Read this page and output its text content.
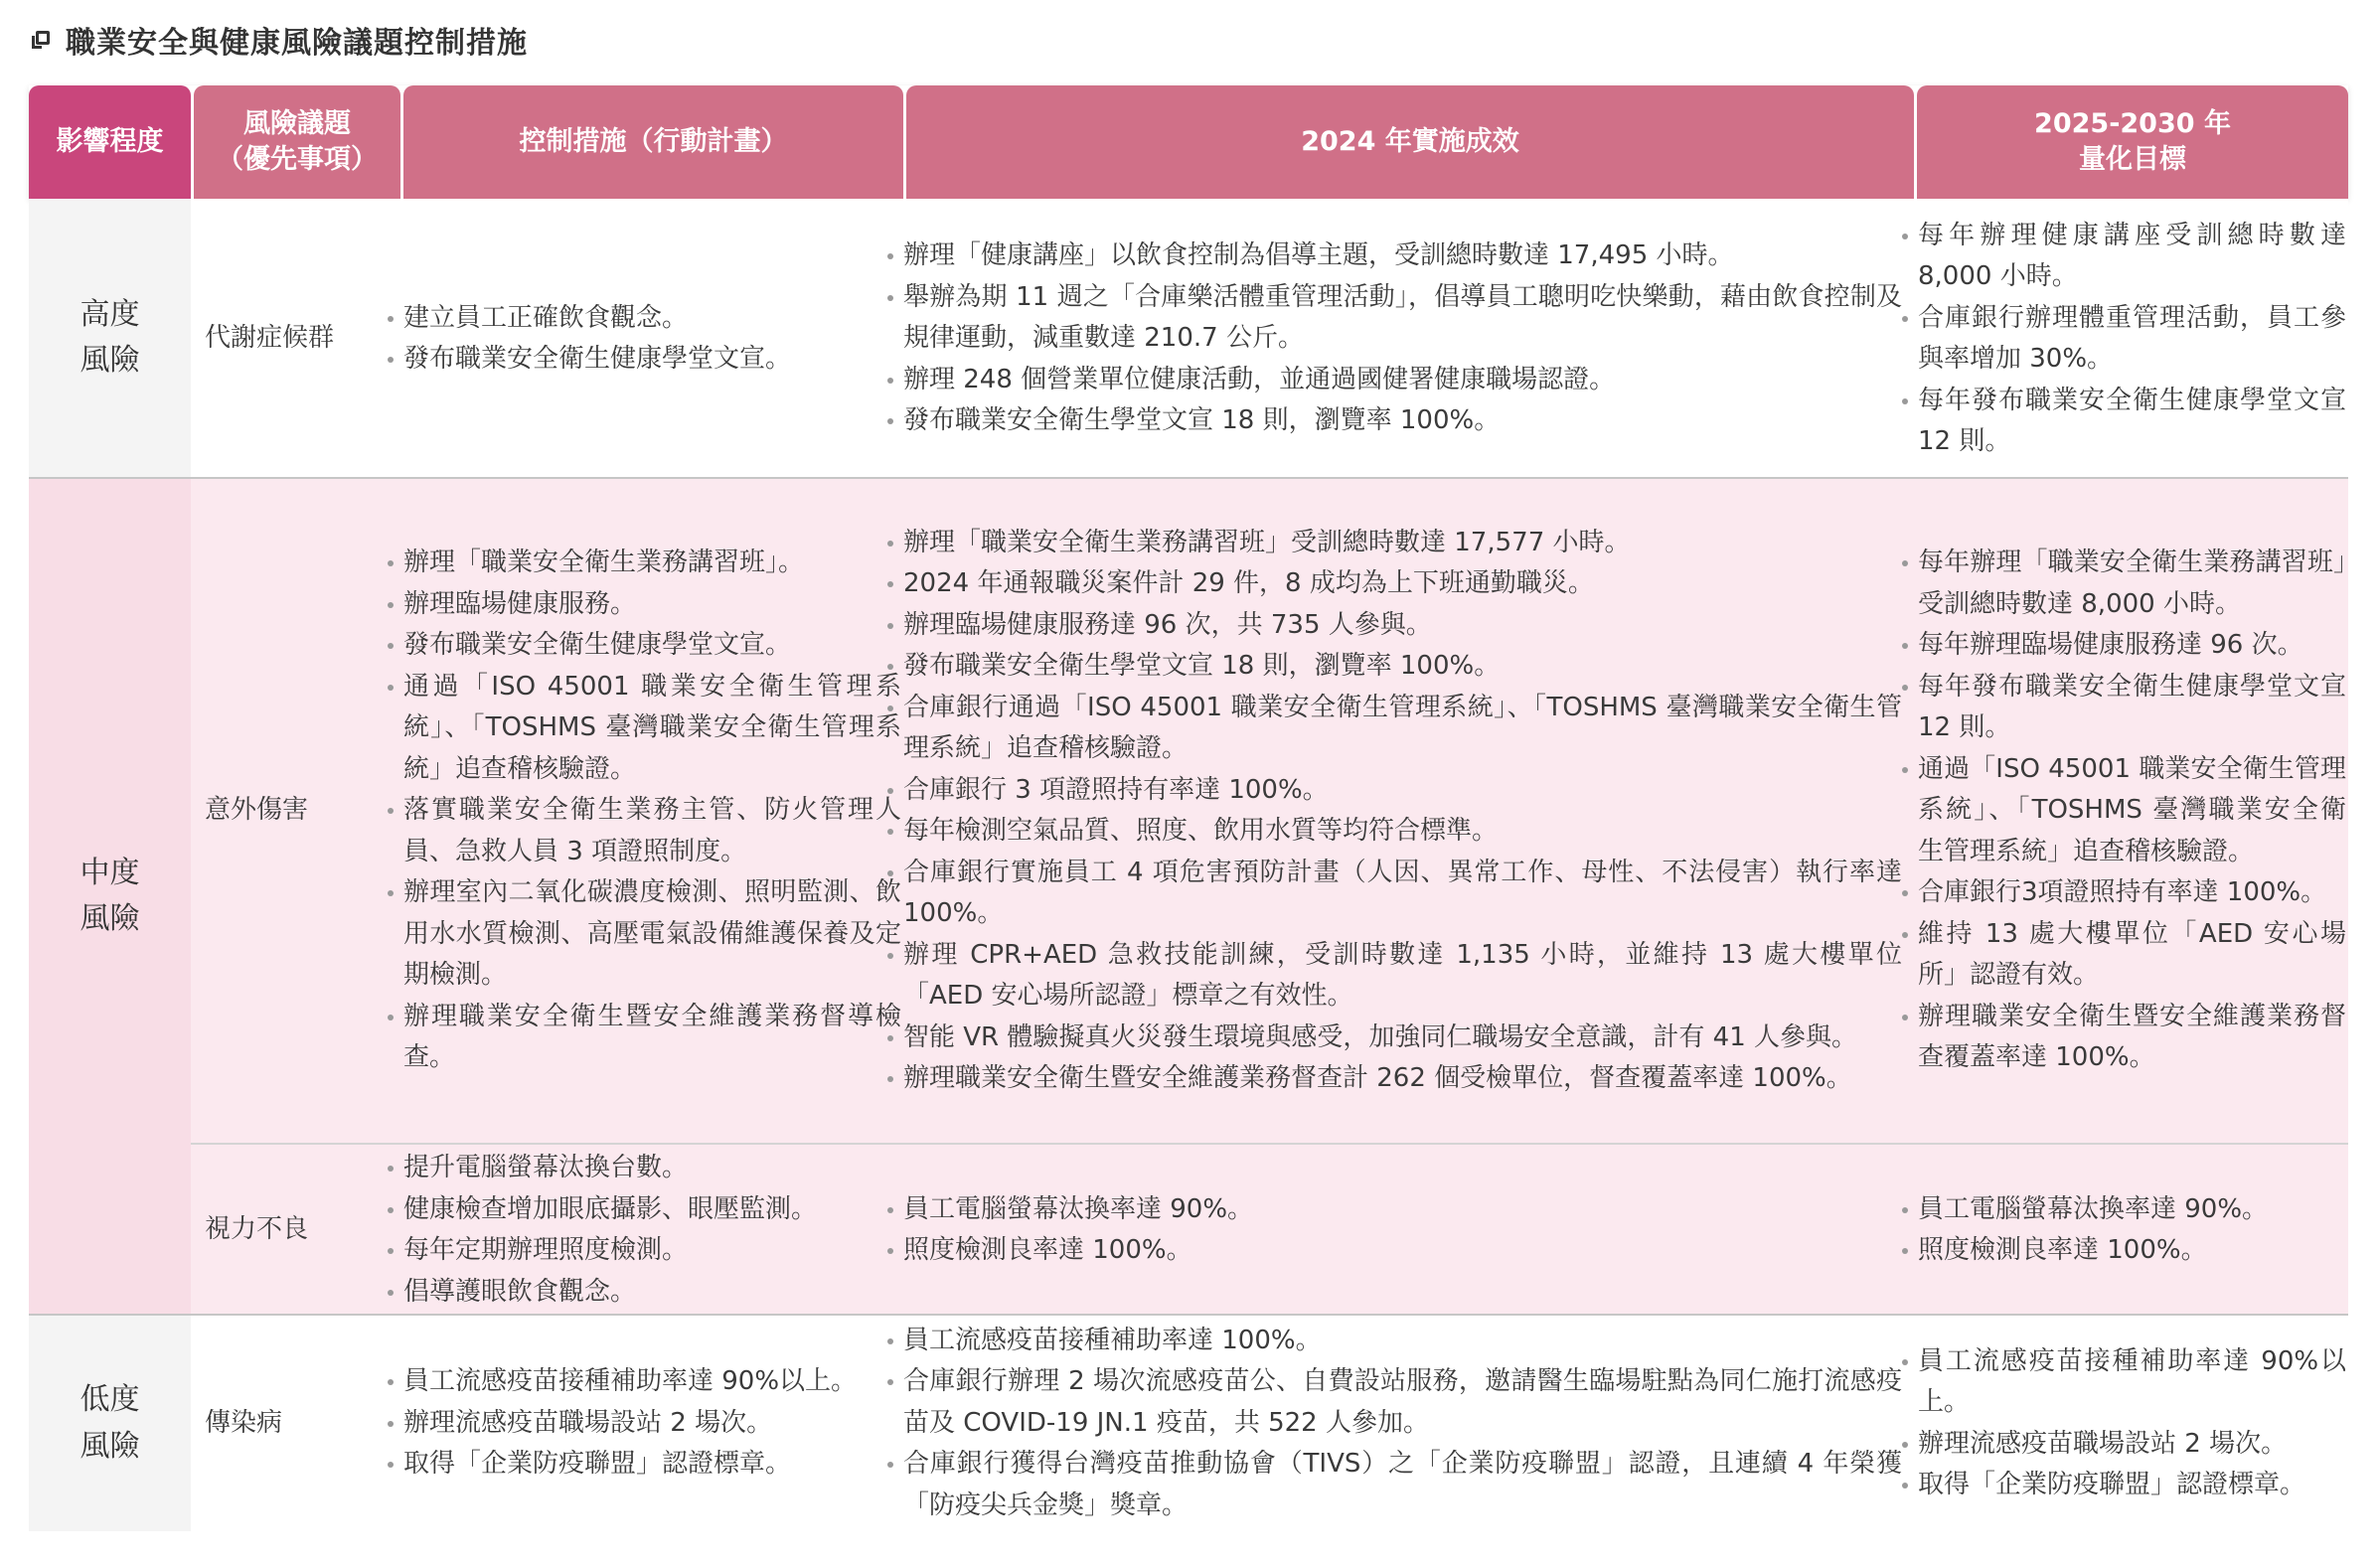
職業安全與健康風險議題控制措施
影響程度
風險議題
（優先事項）
控制措施（行動計畫）	2024 年實施成效
2025-2030 年
量化目標
高度
風險
代謝症候群
建立員工正確飲食觀念。
發布職業安全衛生健康學堂文宣。
辦理「健康講座」以飲食控制為倡導主題，受訓總時數達 17,495 小時。
舉辦為期 11 週之「合庫樂活體重管理活動」，倡導員工聰明吃快樂動，藉由飲食控制及規律運動，減重數達 210.7 公斤。
辦理 248 個營業單位健康活動，並通過國健署健康職場認證。
發布職業安全衛生學堂文宣 18 則，瀏覽率 100%。
每年辦理健康講座受訓總時數達 8,000 小時。
合庫銀行辦理體重管理活動，員工參與率增加 30%。
每年發布職業安全衛生健康學堂文宣 12 則。
中度
風險
意外傷害
辦理「職業安全衛生業務講習班」。
辦理臨場健康服務。
發布職業安全衛生健康學堂文宣。
通過「ISO 45001 職業安全衛生管理系統」、「TOSHMS 臺灣職業安全衛生管理系統」追查稽核驗證。
落實職業安全衛生業務主管、防火管理人員、急救人員 3 項證照制度。
辦理室內二氧化碳濃度檢測、照明監測、飲用水水質檢測、高壓電氣設備維護保養及定期檢測。
辦理職業安全衛生暨安全維護業務督導檢查。
辦理「職業安全衛生業務講習班」受訓總時數達 17,577 小時。
2024 年通報職災案件計 29 件，8 成均為上下班通勤職災。
辦理臨場健康服務達 96 次，共 735 人參與。
發布職業安全衛生學堂文宣 18 則，瀏覽率 100%。
合庫銀行通過「ISO 45001 職業安全衛生管理系統」、「TOSHMS 臺灣職業安全衛生管理系統」追查稽核驗證。
合庫銀行 3 項證照持有率達 100%。
每年檢測空氣品質、照度、飲用水質等均符合標準。
合庫銀行實施員工 4 項危害預防計畫（人因、異常工作、母性、不法侵害）執行率達 100%。
辦理 CPR+AED 急救技能訓練，受訓時數達 1,135 小時，並維持 13 處大樓單位「AED 安心場所認證」標章之有效性。
智能 VR 體驗擬真火災發生環境與感受，加強同仁職場安全意識，計有 41 人參與。
辦理職業安全衛生暨安全維護業務督查計 262 個受檢單位，督查覆蓋率達 100%。
每年辦理「職業安全衛生業務講習班」受訓總時數達 8,000 小時。
每年辦理臨場健康服務達 96 次。
每年發布職業安全衛生健康學堂文宣 12 則。
通過「ISO 45001 職業安全衛生管理系統」、「TOSHMS 臺灣職業安全衛生管理系統」追查稽核驗證。
合庫銀行3項證照持有率達 100%。
維持 13 處大樓單位「AED 安心場所」認證有效。
辦理職業安全衛生暨安全維護業務督查覆蓋率達 100%。
視力不良
提升電腦螢幕汰換台數。
健康檢查增加眼底攝影、眼壓監測。
每年定期辦理照度檢測。
倡導護眼飲食觀念。
員工電腦螢幕汰換率達 90%。
照度檢測良率達 100%。
員工電腦螢幕汰換率達 90%。
照度檢測良率達 100%。
低度
風險
傳染病
員工流感疫苗接種補助率達 90%以上。
辦理流感疫苗職場設站 2 場次。
取得「企業防疫聯盟」認證標章。
員工流感疫苗接種補助率達 100%。
合庫銀行辦理 2 場次流感疫苗公、自費設站服務，邀請醫生臨場駐點為同仁施打流感疫苗及 COVID-19 JN.1 疫苗，共 522 人參加。
合庫銀行獲得台灣疫苗推動協會（TIVS）之「企業防疫聯盟」認證，且連續 4 年榮獲「防疫尖兵金獎」獎章。
員工流感疫苗接種補助率達 90%以上。
辦理流感疫苗職場設站 2 場次。
取得「企業防疫聯盟」認證標章。
